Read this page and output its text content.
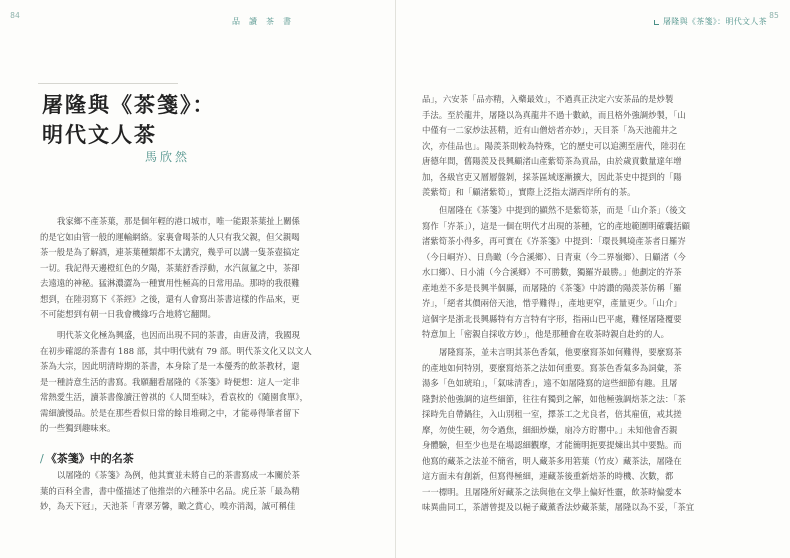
84
品讀茶書
屠隆與《茶箋》：
明代文人茶
馬欣然
我家鄉不產茶葉，那是個年輕的港口城市，唯一能跟茶葉扯上關係
的是它如由管一般的運輸網絡。家裏會喝茶的人只有我父親，但父親喝
茶一般是為了解酒，連茶葉種類都不太講究，幾乎可以講一隻茶壺搞定
一切。我記得天邊橙紅色的夕陽，茶葉舒香浮動，水汽氤氳之中，茶卻
去遠遠的神秘。猛淋濃澀為一種實用性極高的日常用品。那時的我很難
想到，在陸羽寫下《茶經》之後，還有人會寫出茶書這樣的作品來，更
不可能想到有朝一日我會機緣巧合地將它翻開。
明代茶文化極為興盛，也因而出現不同的茶書，由唐及清，我國現
在初步確認的茶書有 188 部，其中明代就有 79 部。明代茶文化又以文人
茶為大宗，因此明清時期的茶書，本身除了是一本優秀的飲茶教材，還
是一種詩意生活的書寫。我願翻看屠隆的《茶箋》時便想：這人一定非
常熱愛生活，讀茶書像讀汪曾祺的《人間至味》，看袁枚的《隨園食單》，
需細讀慢品。於是在那些看似日常的餘目堆砌之中，才能尋得筆者留下
的一些獨到趣味來。
/ 《茶箋》中的名茶
以屠隆的《茶箋》為例，他其實並未將自己的茶書寫成一本關於茶
葉的百科全書，書中僅描述了他推崇的六種茶中名品。虎丘茶「最為精
妙，為天下冠」，天池茶「青翠芳馨，瞰之賞心，嗅亦消渴，誠可稱佳
屠隆與《茶箋》：明代文人茶
85
品」，六安茶「品亦精，入藥最效」，不過真正決定六安茶品的是炒製
手法。至於龍井，屠隆以為真龍井不過十數畝，而且格外強調炒製，「山
中僅有一二家炒法甚精，近有山僧焙者亦妙」，天目茶「為天池龍井之
次，亦佳品也」。陽羨茶則較為特殊，它的歷史可以追溯至唐代，陸羽在
唐德年間，舊陽羨及長興顧渚山產紫筍茶為貢品，由於歲貢數量達年增
加，各級官吏又層層盤剝，採茶區域逐漸擴大，因此茶史中提到的「陽
羨紫筍」和「顧渚紫筍」，實際上泛指太湖西岸所有的茶。
但屠隆在《茶箋》中提到的顯然不是紫筍茶，而是「山介茶」（後文
寫作「岕茶」），這是一個在明代才出現的茶種，它的產地範圍明確囊括顧
渚紫筍茶小得多，再可實在《岕茶箋》中提到：「環長興境產茶者日羅岕
（今日峒岕）、日鳥瞰（今合溪鄉）、日青東（今二界嶺鄉）、日顧渚（今
水口鄉）、日小浦（今合溪鄉）不可勝數，獨羅岕最勝。」他劃定的岕茶
產地差不多是長興半個縣，而屠隆的《茶箋》中誇讚的陽羨茶仿稱「羅
岕」，「絕者其價兩倍天池，惜乎難得」，產地更窄，產量更少。「山介」
這個字是浙北長興縣特有方言特有字形，指兩山巴平處，難怪屠隆覆要
特意加上「密親自採收方妙」，他是那種會在收茶時親自赴約的人。
屠隆寫茶，並未言明其茶色香氣，他要麼寫茶如何難得，要麼寫茶
的產地如何特別，要麼寫焙茶之法如何重要。寫茶色香氣多為詞彙，茶
湯多「色如琥珀」，「氣味清香」，遠不如屠隆寫的這些細節有趣。且屠
隆對於他強調的這些細節，往往有獨到之解，如他極強調焙茶之法：「茶
採時先自帶鍋往，入山別租一室，擇茶工之尤良者，倍其雇值，戒其搓
摩，勿使生硬，勿令過焦，細細炒燥，扇冷方貯罌中。」未知他會否親
身體驗，但至少也是在場認細觀摩，才能簡明扼要提煉出其中要點。而
他寫的藏茶之法並不簡省，明人藏茶多用箬葉（竹皮）藏茶法，屠隆在
這方面未有創新，但寫得極細，連藏茶後重新焙茶的時機、次數，都
一一標明。且屠隆所好藏茶之法與他在文學上偏好性靈，飲茶時偏愛本
味異曲同工，茶譜曾提及以梔子藏薰香法炒藏茶葉，屠隆以為不妥，「茶宜
